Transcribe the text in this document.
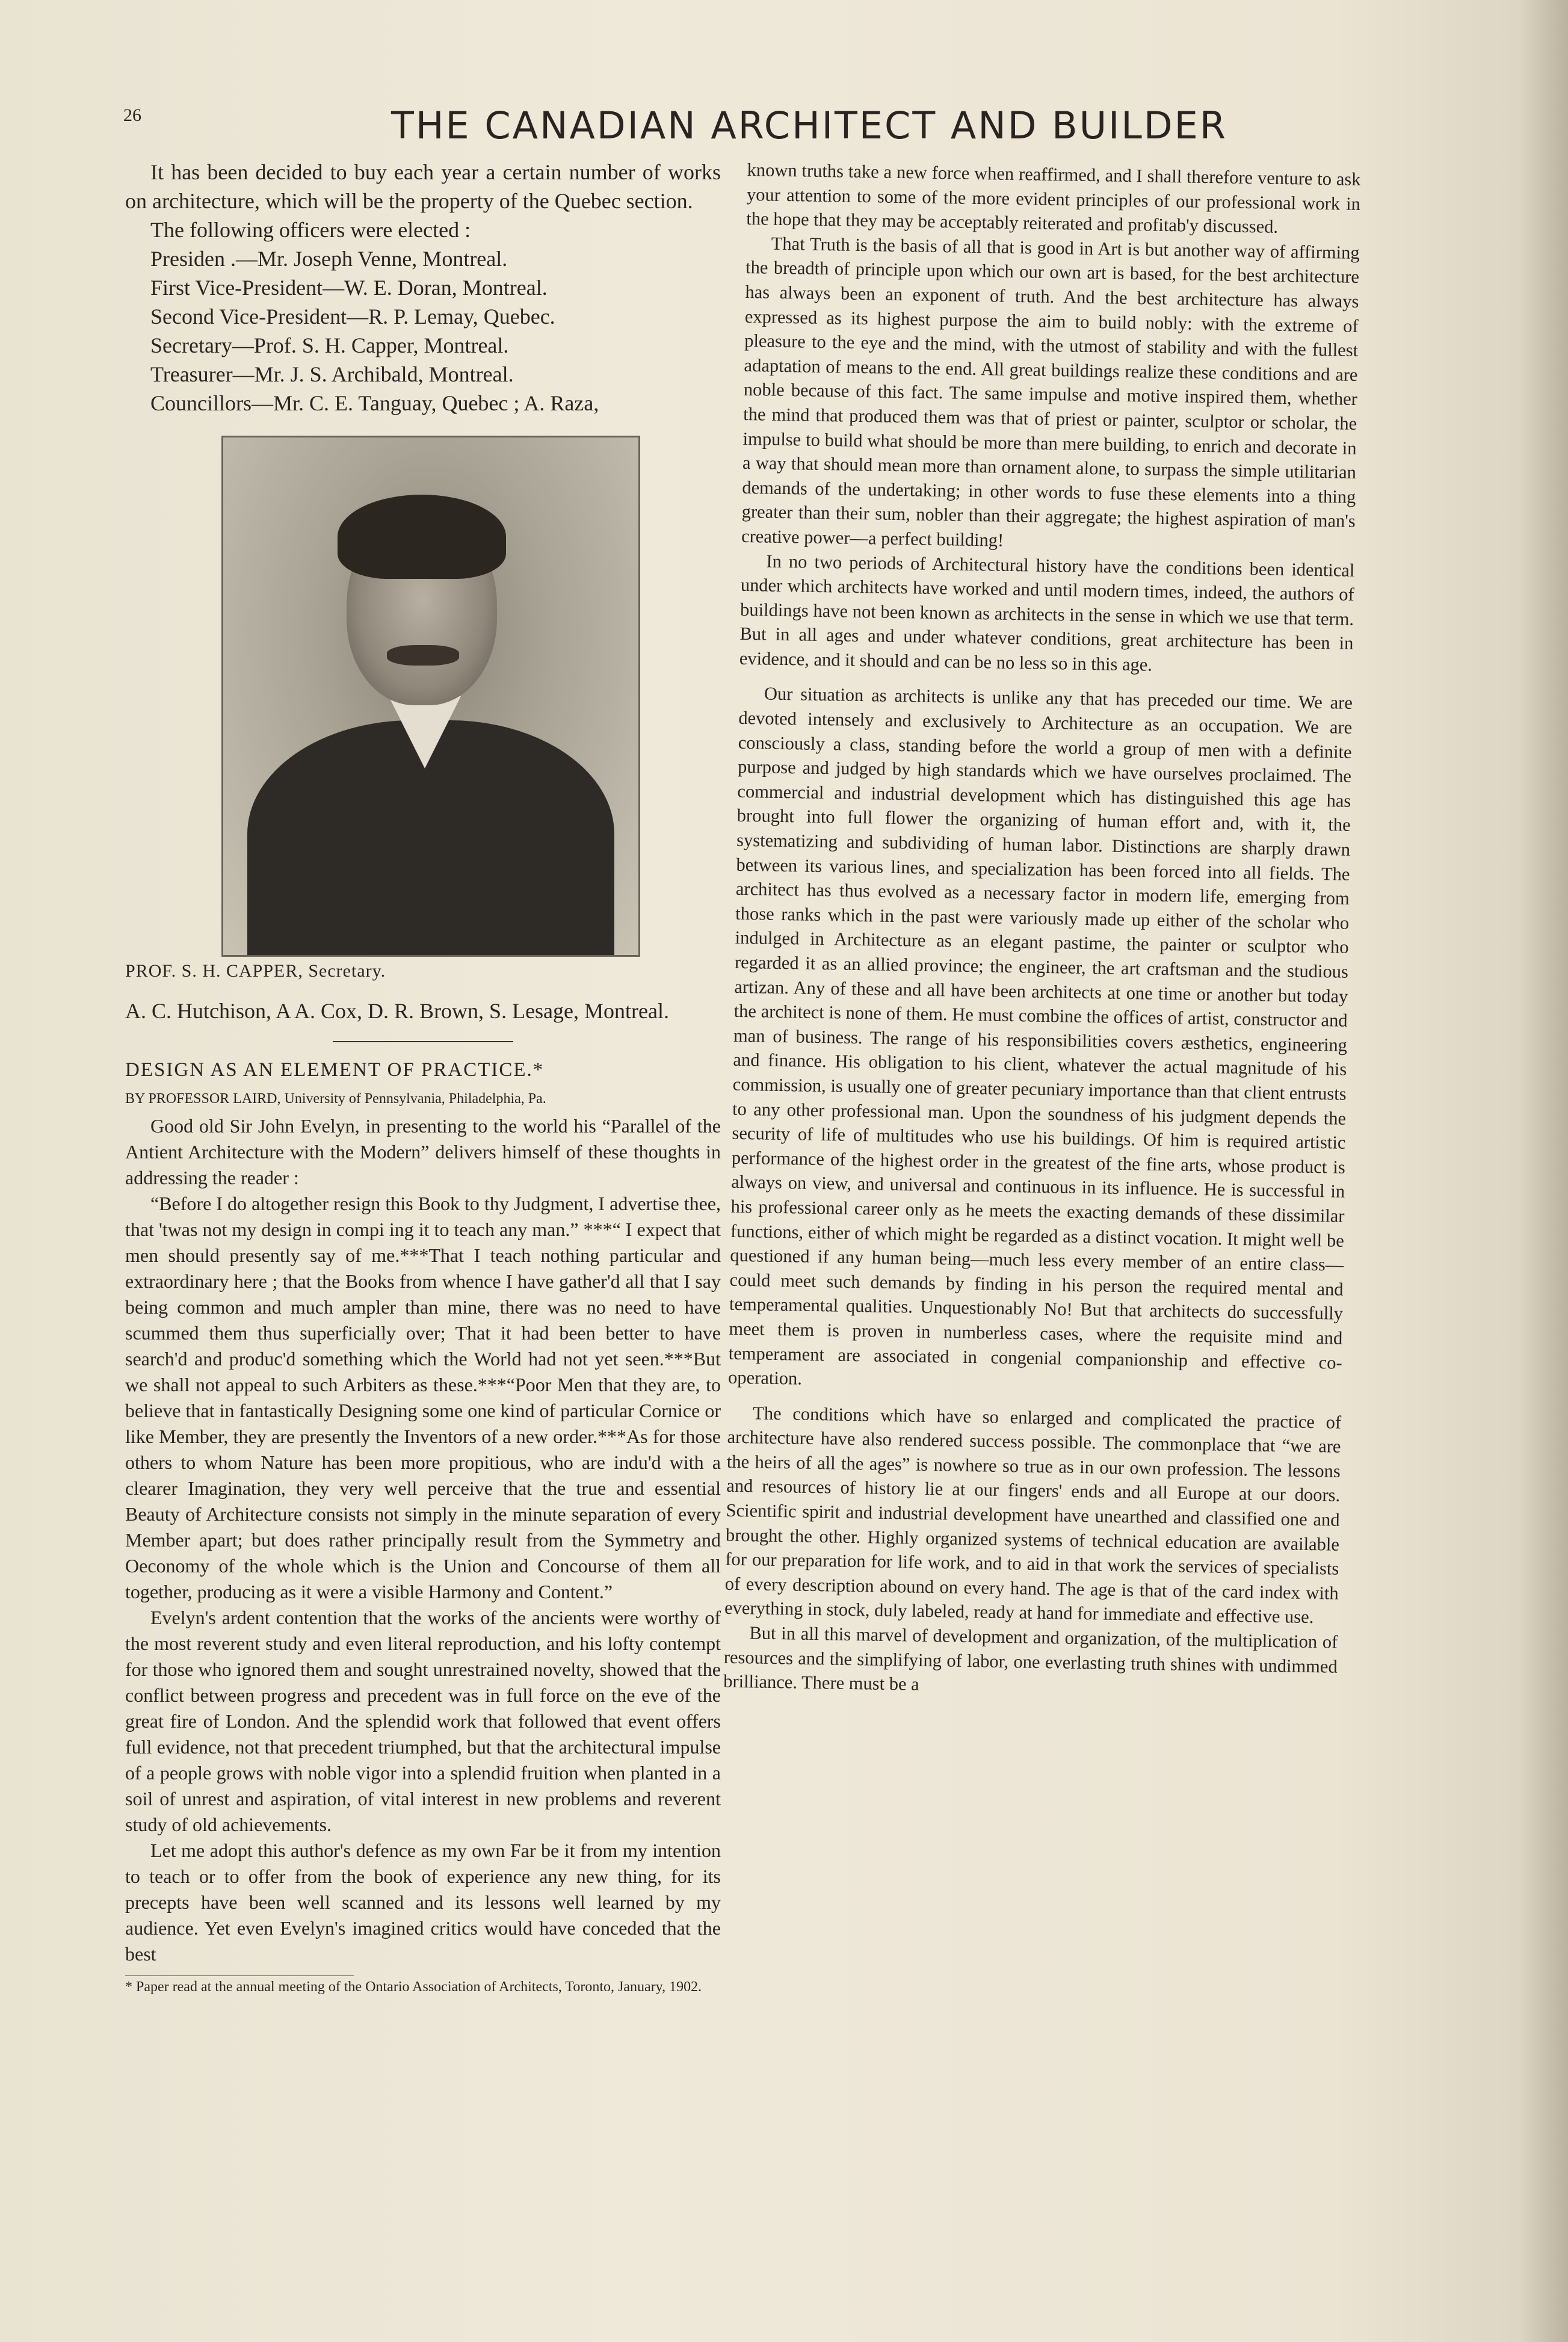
26	THE CANADIAN ARCHITECT AND BUILDER

It has been decided to buy each year a certain number of works on architecture, which will be the property of the Quebec section.

The following officers were elected :

Presiden .—Mr. Joseph Venne, Montreal.

First Vice-President—W. E. Doran, Montreal.

Second Vice-President—R. P. Lemay, Quebec.

Secretary—Prof. S. H. Capper, Montreal.

Treasurer—Mr. J. S. Archibald, Montreal.

Councillors—Mr. C. E. Tanguay, Quebec ; A. Raza,

PROF. S. H. CAPPER, Secretary.

A. C. Hutchison, A A. Cox, D. R. Brown, S. Lesage, Montreal.

DESIGN AS AN ELEMENT OF PRACTICE.*

BY PROFESSOR LAIRD, University of Pennsylvania, Philadelphia, Pa.

Good old Sir John Evelyn, in presenting to the world his “Parallel of the Antient Architecture with the Modern” delivers himself of these thoughts in addressing the reader :

“Before I do altogether resign this Book to thy Judgment, I advertise thee, that 'twas not my design in compi ing it to teach any man.” ***“ I expect that men should presently say of me.***That I teach nothing particular and extraordinary here ; that the Books from whence I have gather'd all that I say being common and much ampler than mine, there was no need to have scummed them thus superficially over; That it had been better to have search'd and produc'd something which the World had not yet seen.***But we shall not appeal to such Arbiters as these.***“Poor Men that they are, to believe that in fantastically Designing some one kind of particular Cornice or like Member, they are presently the Inventors of a new order.***As for those others to whom Nature has been more propitious, who are indu'd with a clearer Imagination, they very well perceive that the true and essential Beauty of Architecture consists not simply in the minute separation of every Member apart; but does rather principally result from the Symmetry and Oeconomy of the whole which is the Union and Concourse of them all together, producing as it were a visible Harmony and Content.”

Evelyn's ardent contention that the works of the ancients were worthy of the most reverent study and even literal reproduction, and his lofty contempt for those who ignored them and sought unrestrained novelty, showed that the conflict between progress and precedent was in full force on the eve of the great fire of London. And the splendid work that followed that event offers full evidence, not that precedent triumphed, but that the architectural impulse of a people grows with noble vigor into a splendid fruition when planted in a soil of unrest and aspiration, of vital interest in new problems and reverent study of old achievements.

Let me adopt this author's defence as my own Far be it from my intention to teach or to offer from the book of experience any new thing, for its precepts have been well scanned and its lessons well learned by my audience. Yet even Evelyn's imagined critics would have conceded that the best

* Paper read at the annual meeting of the Ontario Association of Architects, Toronto, January, 1902.

known truths take a new force when reaffirmed, and I shall therefore venture to ask your attention to some of the more evident principles of our professional work in the hope that they may be acceptably reiterated and profitab'y discussed.

That Truth is the basis of all that is good in Art is but another way of affirming the breadth of principle upon which our own art is based, for the best architecture has always been an exponent of truth. And the best architecture has always expressed as its highest purpose the aim to build nobly: with the extreme of pleasure to the eye and the mind, with the utmost of stability and with the fullest adaptation of means to the end. All great buildings realize these conditions and are noble because of this fact. The same impulse and motive inspired them, whether the mind that produced them was that of priest or painter, sculptor or scholar, the impulse to build what should be more than mere building, to enrich and decorate in a way that should mean more than ornament alone, to surpass the simple utilitarian demands of the undertaking; in other words to fuse these elements into a thing greater than their sum, nobler than their aggregate; the highest aspiration of man's creative power—a perfect building!

In no two periods of Architectural history have the conditions been identical under which architects have worked and until modern times, indeed, the authors of buildings have not been known as architects in the sense in which we use that term. But in all ages and under whatever conditions, great architecture has been in evidence, and it should and can be no less so in this age.

Our situation as architects is unlike any that has preceded our time. We are devoted intensely and exclusively to Architecture as an occupation. We are consciously a class, standing before the world a group of men with a definite purpose and judged by high standards which we have ourselves proclaimed. The commercial and industrial development which has distinguished this age has brought into full flower the organizing of human effort and, with it, the systematizing and subdividing of human labor. Distinctions are sharply drawn between its various lines, and specialization has been forced into all fields. The architect has thus evolved as a necessary factor in modern life, emerging from those ranks which in the past were variously made up either of the scholar who indulged in Architecture as an elegant pastime, the painter or sculptor who regarded it as an allied province; the engineer, the art craftsman and the studious artizan. Any of these and all have been architects at one time or another but today the architect is none of them. He must combine the offices of artist, constructor and man of business. The range of his responsibilities covers æsthetics, engineering and finance. His obligation to his client, whatever the actual magnitude of his commission, is usually one of greater pecuniary importance than that client entrusts to any other professional man. Upon the soundness of his judgment depends the security of life of multitudes who use his buildings. Of him is required artistic performance of the highest order in the greatest of the fine arts, whose product is always on view, and universal and continuous in its influence. He is successful in his professional career only as he meets the exacting demands of these dissimilar functions, either of which might be regarded as a distinct vocation. It might well be questioned if any human being—much less every member of an entire class—could meet such demands by finding in his person the required mental and temperamental qualities. Unquestionably No! But that architects do successfully meet them is proven in numberless cases, where the requisite mind and temperament are associated in congenial companionship and effective co-operation.

The conditions which have so enlarged and complicated the practice of architecture have also rendered success possible. The commonplace that “we are the heirs of all the ages” is nowhere so true as in our own profession. The lessons and resources of history lie at our fingers' ends and all Europe at our doors. Scientific spirit and industrial development have unearthed and classified one and brought the other. Highly organized systems of technical education are available for our preparation for life work, and to aid in that work the services of specialists of every description abound on every hand. The age is that of the card index with everything in stock, duly labeled, ready at hand for immediate and effective use.

But in all this marvel of development and organization, of the multiplication of resources and the simplifying of labor, one everlasting truth shines with undimmed brilliance. There must be a
